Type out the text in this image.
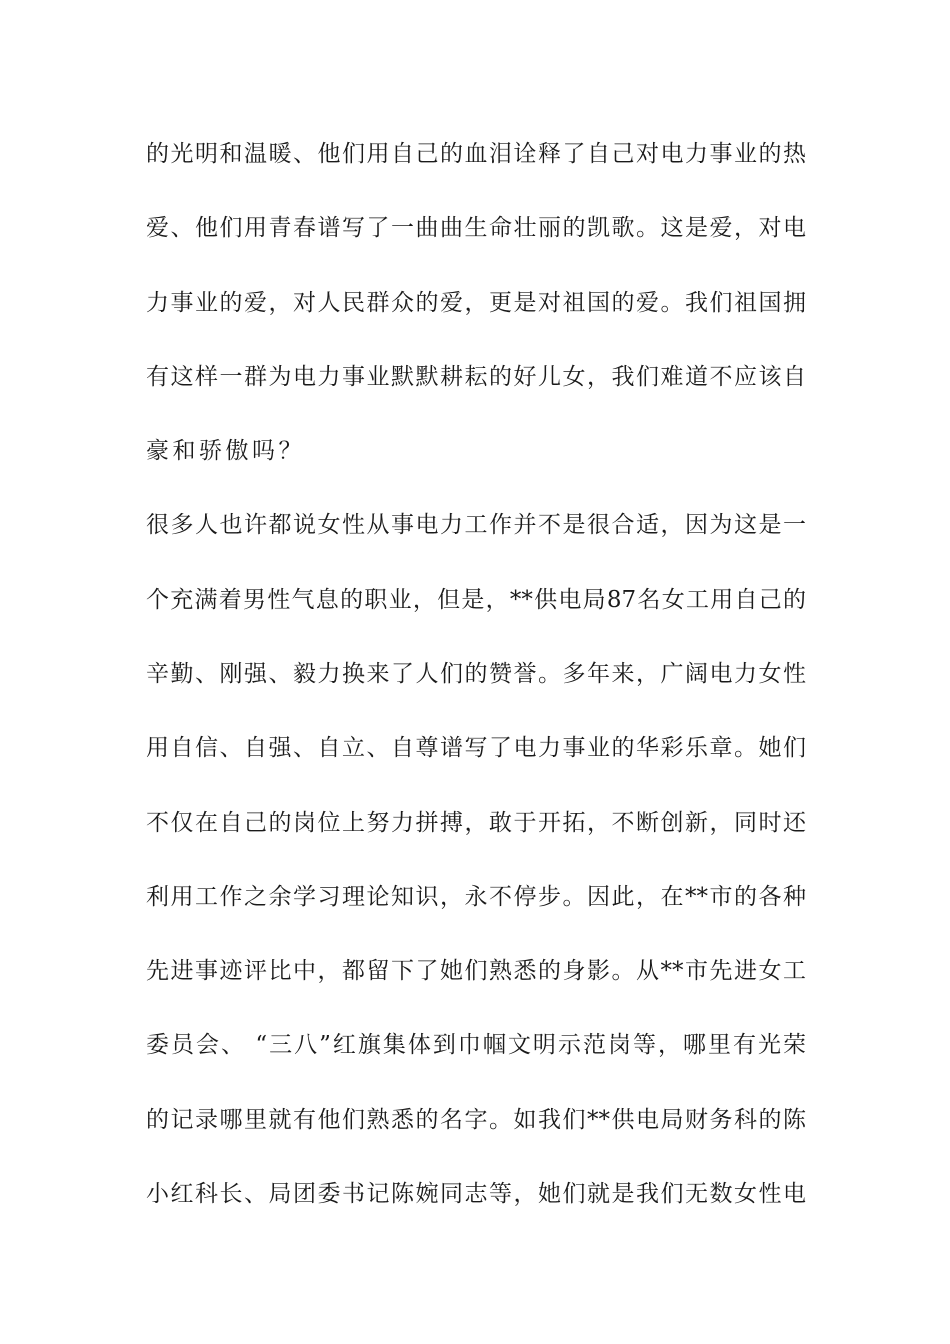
的光明和温暖、他们用自己的血泪诠释了自己对电力事业的热
爱、他们用青春谱写了一曲曲生命壮丽的凯歌。这是爱，对电
力事业的爱，对人民群众的爱，更是对祖国的爱。我们祖国拥
有这样一群为电力事业默默耕耘的好儿女，我们难道不应该自
豪和骄傲吗？
很多人也许都说女性从事电力工作并不是很合适，因为这是一
个充满着男性气息的职业，但是，**供电局87名女工用自己的
辛勤、刚强、毅力换来了人们的赞誉。多年来，广阔电力女性
用自信、自强、自立、自尊谱写了电力事业的华彩乐章。她们
不仅在自己的岗位上努力拼搏，敢于开拓，不断创新，同时还
利用工作之余学习理论知识，永不停步。因此，在**市的各种
先进事迹评比中，都留下了她们熟悉的身影。从**市先进女工
委员会、 “三八”红旗集体到巾帼文明示范岗等，哪里有光荣
的记录哪里就有他们熟悉的名字。如我们**供电局财务科的陈
小红科长、局团委书记陈婉同志等，她们就是我们无数女性电
